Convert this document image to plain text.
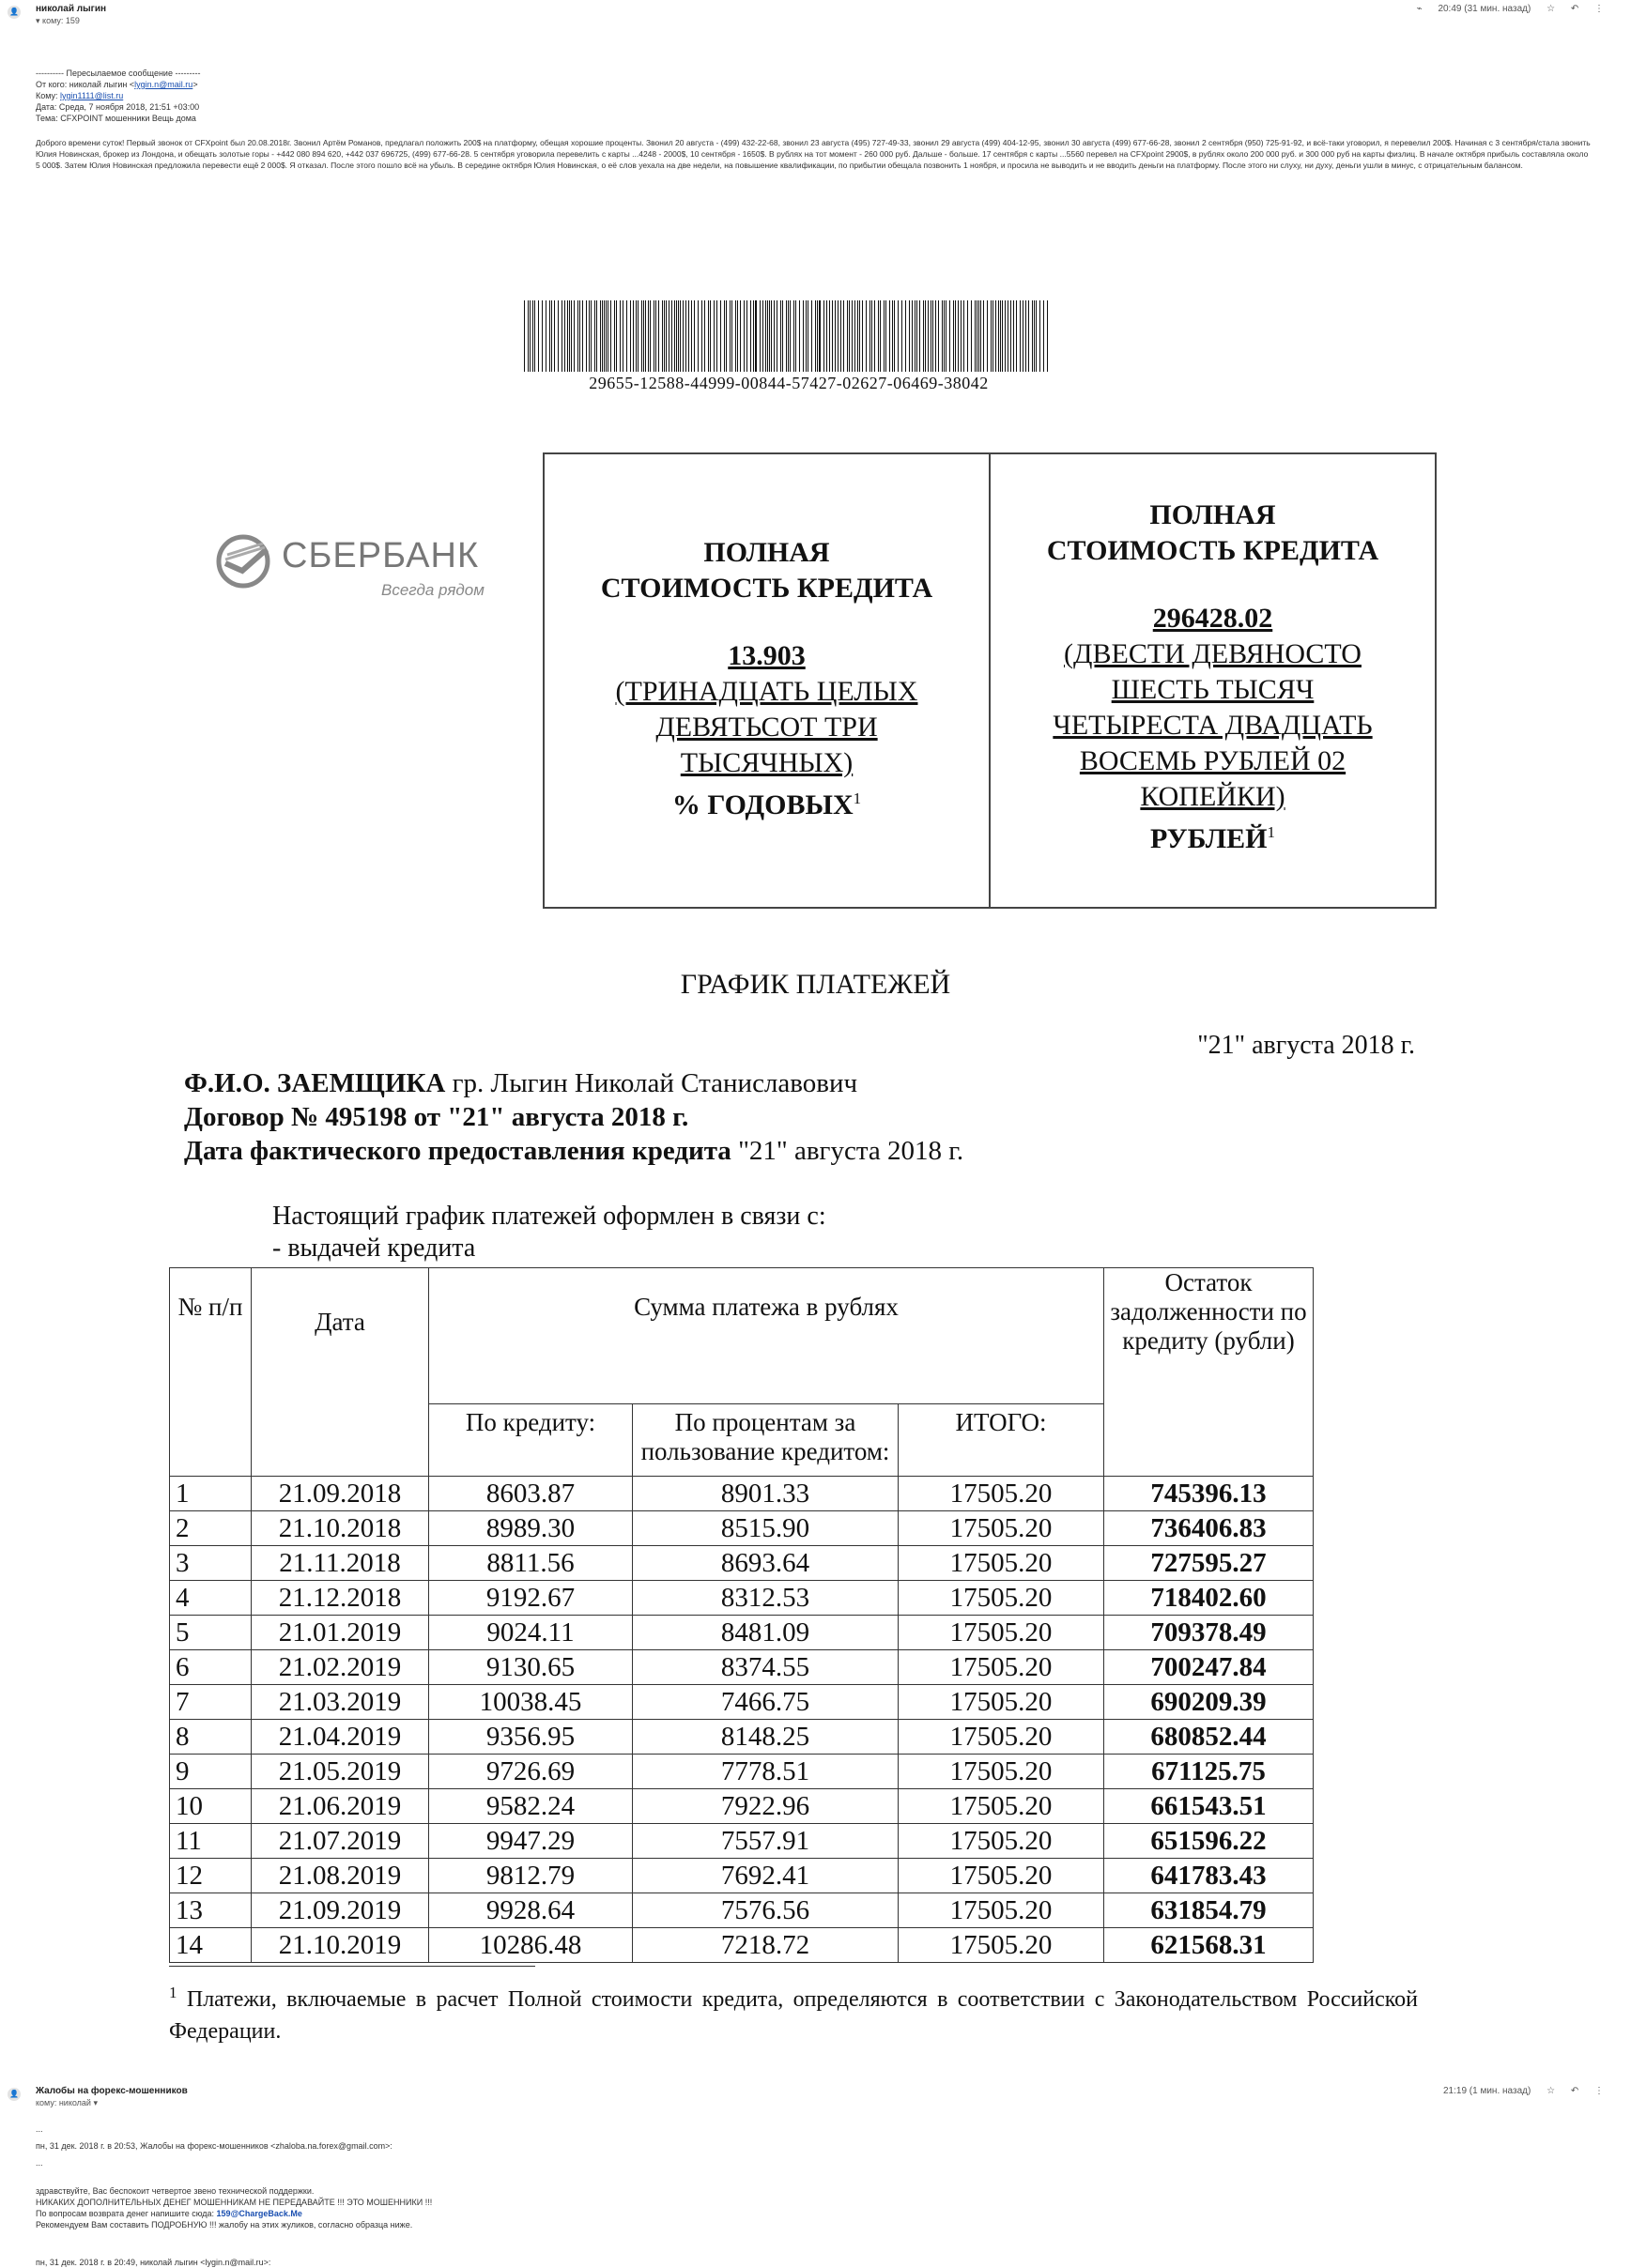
👤 николай лыгин
▾ кому: 159
⌁ 20:49 (31 мин. назад) ☆ ↶ ⋮
---------- Пересылаемое сообщение ---------
От кого: николай лыгин <lygin.n@mail.ru>
Кому: lygin1111@list.ru
Дата: Среда, 7 ноября 2018, 21:51 +03:00
Тема: CFXPOINT мошенники Вещь дома
Доброго времени суток! Первый звонок от CFXpoint был 20.08.2018г. Звонил Артём Романов, предлагал положить 200$ на платформу, обещая хорошие проценты. Звонил 20 августа - (499) 432-22-68, звонил 23 августа (495) 727-49-33, звонил 29 августа (499) 404-12-95, звонил 30 августа (499) 677-66-28, звонил 2 сентября (950) 725-91-92, и всё-таки уговорил, я перевелил 200$. Начиная с 3 сентября/стала звонить Юлия Новинская, брокер из Лондона, и обещать золотые горы - +442 080 894 620, +442 037 696725, (499) 677-66-28. 5 сентября уговорила перевелить с карты ...4248 - 2000$, 10 сентября - 1650$. В рублях на тот момент - 260 000 руб. Дальше - больше. 17 сентября с карты ...5560 перевел на CFXpoint 2900$, в рублях около 200 000 руб. и 300 000 руб на карты физлиц. В начале октября прибыль составляла около 5 000$. Затем Юлия Новинская предложила перевести ещё 2 000$. Я отказал. После этого пошло всё на убыль. В середине октября Юлия Новинская, о её слов уехала на две недели, на повышение квалификации, по прибытии обещала позвонить 1 ноября, и просила не выводить и не вводить деньги на платформу. После этого ни слуху, ни духу, деньги ушли в минус, с отрицательным балансом.
29655-12588-44999-00844-57427-02627-06469-38042
СБЕРБАНК
Всегда рядом
ПОЛНАЯ
СТОИМОСТЬ КРЕДИТА
13.903
(ТРИНАДЦАТЬ ЦЕЛЫХ
ДЕВЯТЬСОТ ТРИ
ТЫСЯЧНЫХ)
% ГОДОВЫХ$^1$
ПОЛНАЯ
СТОИМОСТЬ КРЕДИТА
296428.02
(ДВЕСТИ ДЕВЯНОСТО
ШЕСТЬ ТЫСЯЧ
ЧЕТЫРЕСТА ДВАДЦАТЬ
ВОСЕМЬ РУБЛЕЙ 02
КОПЕЙКИ)
РУБЛЕЙ$^1$
ГРАФИК ПЛАТЕЖЕЙ
"21" августа 2018 г.
Ф.И.О. ЗАЕМЩИКА гр. Лыгин Николай Станиславович
Договор № 495198 от "21" августа 2018 г.
Дата фактического предоставления кредита "21" августа 2018 г.
Настоящий график платежей оформлен в связи с:
- выдачей кредита
№ п/п	Дата	Сумма платежа в рублях			Остаток задолженности по кредиту (рубли)
		По кредиту:	По процентам за пользование кредитом:	ИТОГО:	
1	21.09.2018	8603.87	8901.33	17505.20	745396.13
2	21.10.2018	8989.30	8515.90	17505.20	736406.83
3	21.11.2018	8811.56	8693.64	17505.20	727595.27
4	21.12.2018	9192.67	8312.53	17505.20	718402.60
5	21.01.2019	9024.11	8481.09	17505.20	709378.49
6	21.02.2019	9130.65	8374.55	17505.20	700247.84
7	21.03.2019	10038.45	7466.75	17505.20	690209.39
8	21.04.2019	9356.95	8148.25	17505.20	680852.44
9	21.05.2019	9726.69	7778.51	17505.20	671125.75
10	21.06.2019	9582.24	7922.96	17505.20	661543.51
11	21.07.2019	9947.29	7557.91	17505.20	651596.22
12	21.08.2019	9812.79	7692.41	17505.20	641783.43
13	21.09.2019	9928.64	7576.56	17505.20	631854.79
14	21.10.2019	10286.48	7218.72	17505.20	621568.31
$^1$ Платежи, включаемые в расчет Полной стоимости кредита, определяются в соответствии с Законодательством Российской Федерации.
👤 Жалобы на форекс-мошенников
кому: николай ▾
21:19 (1 мин. назад) ☆ ↶ ⋮
...
пн, 31 дек. 2018 г. в 20:53, Жалобы на форекс-мошенников <zhaloba.na.forex@gmail.com>:
...
здравствуйте, Вас беспокоит четвертое звено технической поддержки.
НИКАКИХ ДОПОЛНИТЕЛЬНЫХ ДЕНЕГ МОШЕННИКАМ НЕ ПЕРЕДАВАЙТЕ !!! ЭТО МОШЕННИКИ !!!
По вопросам возврата денег напишите сюда: 159@ChargeBack.Me
Рекомендуем Вам составить ПОДРОБНУЮ !!! жалобу на этих жуликов, согласно образца ниже.
пн, 31 дек. 2018 г. в 20:49, николай лыгин <lygin.n@mail.ru>:
